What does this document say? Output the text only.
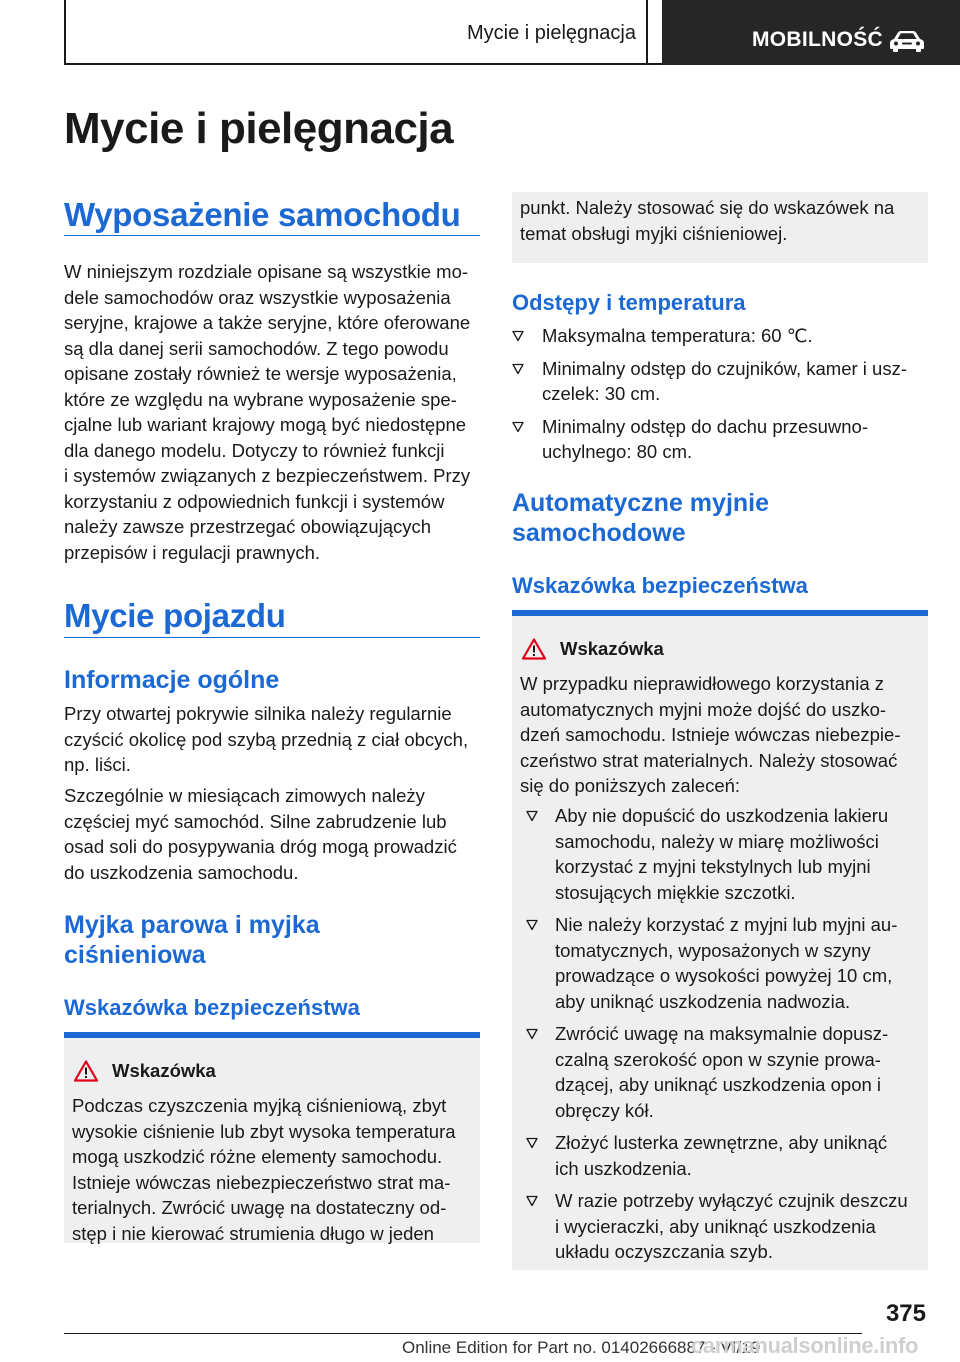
Mycie i pielęgnacja	MOBILNOŚĆ
Mycie i pielęgnacja
Wyposażenie samochodu
W niniejszym rozdziale opisane są wszystkie mo-
dele samochodów oraz wszystkie wyposażenia
seryjne, krajowe a także seryjne, które oferowane
są dla danej serii samochodów. Z tego powodu
opisane zostały również te wersje wyposażenia,
które ze względu na wybrane wyposażenie spe-
cjalne lub wariant krajowy mogą być niedostępne
dla danego modelu. Dotyczy to również funkcji
i systemów związanych z bezpieczeństwem. Przy
korzystaniu z odpowiednich funkcji i systemów
należy zawsze przestrzegać obowiązujących
przepisów i regulacji prawnych.
Mycie pojazdu
Informacje ogólne
Przy otwartej pokrywie silnika należy regularnie
czyścić okolicę pod szybą przednią z ciał obcych,
np. liści.
Szczególnie w miesiącach zimowych należy
częściej myć samochód. Silne zabrudzenie lub
osad soli do posypywania dróg mogą prowadzić
do uszkodzenia samochodu.
Myjka parowa i myjka
ciśnieniowa
Wskazówka bezpieczeństwa
Wskazówka
Podczas czyszczenia myjką ciśnieniową, zbyt
wysokie ciśnienie lub zbyt wysoka temperatura
mogą uszkodzić różne elementy samochodu.
Istnieje wówczas niebezpieczeństwo strat ma-
terialnych. Zwrócić uwagę na dostateczny od-
stęp i nie kierować strumienia długo w jeden
punkt. Należy stosować się do wskazówek na
temat obsługi myjki ciśnieniowej.
Odstępy i temperatura
Maksymalna temperatura: 60 ℃.
Minimalny odstęp do czujników, kamer i usz-
czelek: 30 cm.
Minimalny odstęp do dachu przesuwno-
uchylnego: 80 cm.
Automatyczne myjnie
samochodowe
Wskazówka bezpieczeństwa
Wskazówka
W przypadku nieprawidłowego korzystania z
automatycznych myjni może dojść do uszko-
dzeń samochodu. Istnieje wówczas niebezpie-
czeństwo strat materialnych. Należy stosować
się do poniższych zaleceń:
Aby nie dopuścić do uszkodzenia lakieru
samochodu, należy w miarę możliwości
korzystać z myjni tekstylnych lub myjni
stosujących miękkie szczotki.
Nie należy korzystać z myjni lub myjni au-
tomatycznych, wyposażonych w szyny
prowadzące o wysokości powyżej 10 cm,
aby uniknąć uszkodzenia nadwozia.
Zwrócić uwagę na maksymalnie dopusz-
czalną szerokość opon w szynie prowa-
dzącej, aby uniknąć uszkodzenia opon i
obręczy kół.
Złożyć lusterka zewnętrzne, aby uniknąć
ich uszkodzenia.
W razie potrzeby wyłączyć czujnik deszczu
i wycieraczki, aby uniknąć uszkodzenia
układu oczyszczania szyb.
375
Online Edition for Part no. 01402666887 - VI/19
carmanualsonline.info
